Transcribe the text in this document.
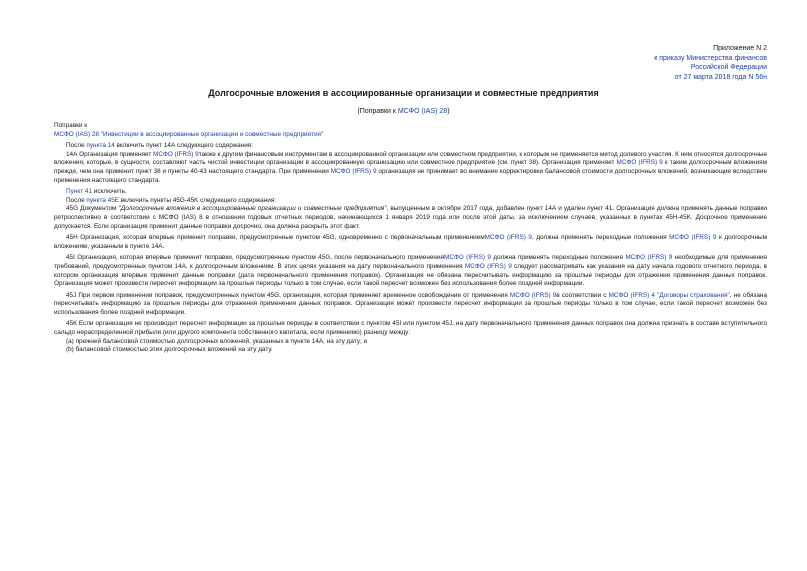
Приложение N 2
к приказу Министерства финансов
Российской Федерации
от 27 марта 2018 года N 56н
Долгосрочные вложения в ассоциированные организации и совместные предприятия
(Поправки к МСФО (IAS) 28)

Поправки к

МСФО (IAS) 28 "Инвестиции в ассоциированные организации и совместные предприятия"

После пункта 14 включить пункт 14А следующего содержания:

14А Организация применяет МСФО (IFRS) 9также к другим финансовым инструментам в ассоциированной организации или совместном предприятии, к которым не применяется метод долевого участия. К ним относятся долгосрочные вложения, которые, в сущности, составляют часть чистой инвестиции организации в ассоциированную организацию или совместное предприятие (см. пункт 38). Организация применяет МСФО (IFRS) 9 к таким долгосрочным вложениям прежде, чем она применит пункт 38 и пункты 40-43 настоящего стандарта. При применении МСФО (IFRS) 9 организация не принимает во внимание корректировки балансовой стоимости долгосрочных вложений, возникающие вследствие применения настоящего стандарта.

Пункт 41 исключить.

После пункта 45Е включить пункты 45G-45K следующего содержания:

45G Документом "Долгосрочные вложения в ассоциированные организации и совместные предприятия", выпущенным в октябре 2017 года, добавлен пункт 14А и удален пункт 41. Организация должна применять данные поправки ретроспективно в соответствии с МСФО (IAS) 8 в отношении годовых отчетных периодов, начинающихся 1 января 2019 года или после этой даты, за исключением случаев, указанных в пунктах 45Н-45K. Досрочное применение допускается. Если организация применит данные поправки досрочно, она должна раскрыть этот факт.

45Н Организация, которая впервые применит поправки, предусмотренные пунктом 45G, одновременно с первоначальным применениемМСФО (IFRS) 9, должна применять переходные положения МСФО (IFRS) 9 к долгосрочным вложениям, указанным в пункте 14А.

45I Организация, которая впервые применит поправки, предусмотренные пунктом 45G, после первоначального примененияМСФО (IFRS) 9 должна применять переходные положения МСФО (IFRS) 9 необходимые для применения требований, предусмотренных пунктом 14А, к долгосрочным вложениям. В этих целях указания на дату первоначального применения МСФО (IFRS) 9 следует рассматривать как указания на дату начала годового отчетного периода, в котором организация впервые применит данные поправки (дата первоначального применения поправок). Организация не обязана пересчитывать информацию за прошлые периоды для отражения применения данных поправок. Организация может произвести пересчет информации за прошлые периоды только в том случае, если такой пересчет возможен без использования более поздней информации.

45J При первом применении поправок, предусмотренных пунктом 45G, организация, которая применяет временное освобождение от применения МСФО (IFRS) 9в соответствии с МСФО (IFRS) 4 "Договоры страхования", не обязана пересчитывать информацию за прошлые периоды для отражения применения данных поправок. Организация может произвести пересчет информации за прошлые периоды только в том случае, если такой пересчет возможен без использования более поздней информации.

45К Если организация не производит пересчет информации за прошлые периоды в соответствии с пунктом 45I или пунктом 45J, на дату первоначального применения данных поправок она должна признать в составе вступительного сальдо нераспределенной прибыли (или другого компонента собственного капитала, если применимо) разницу между:

(а) прежней балансовой стоимостью долгосрочных вложений, указанных в пункте 14А, на эту дату; и

(b) балансовой стоимостью этих долгосрочных вложений на эту дату.
